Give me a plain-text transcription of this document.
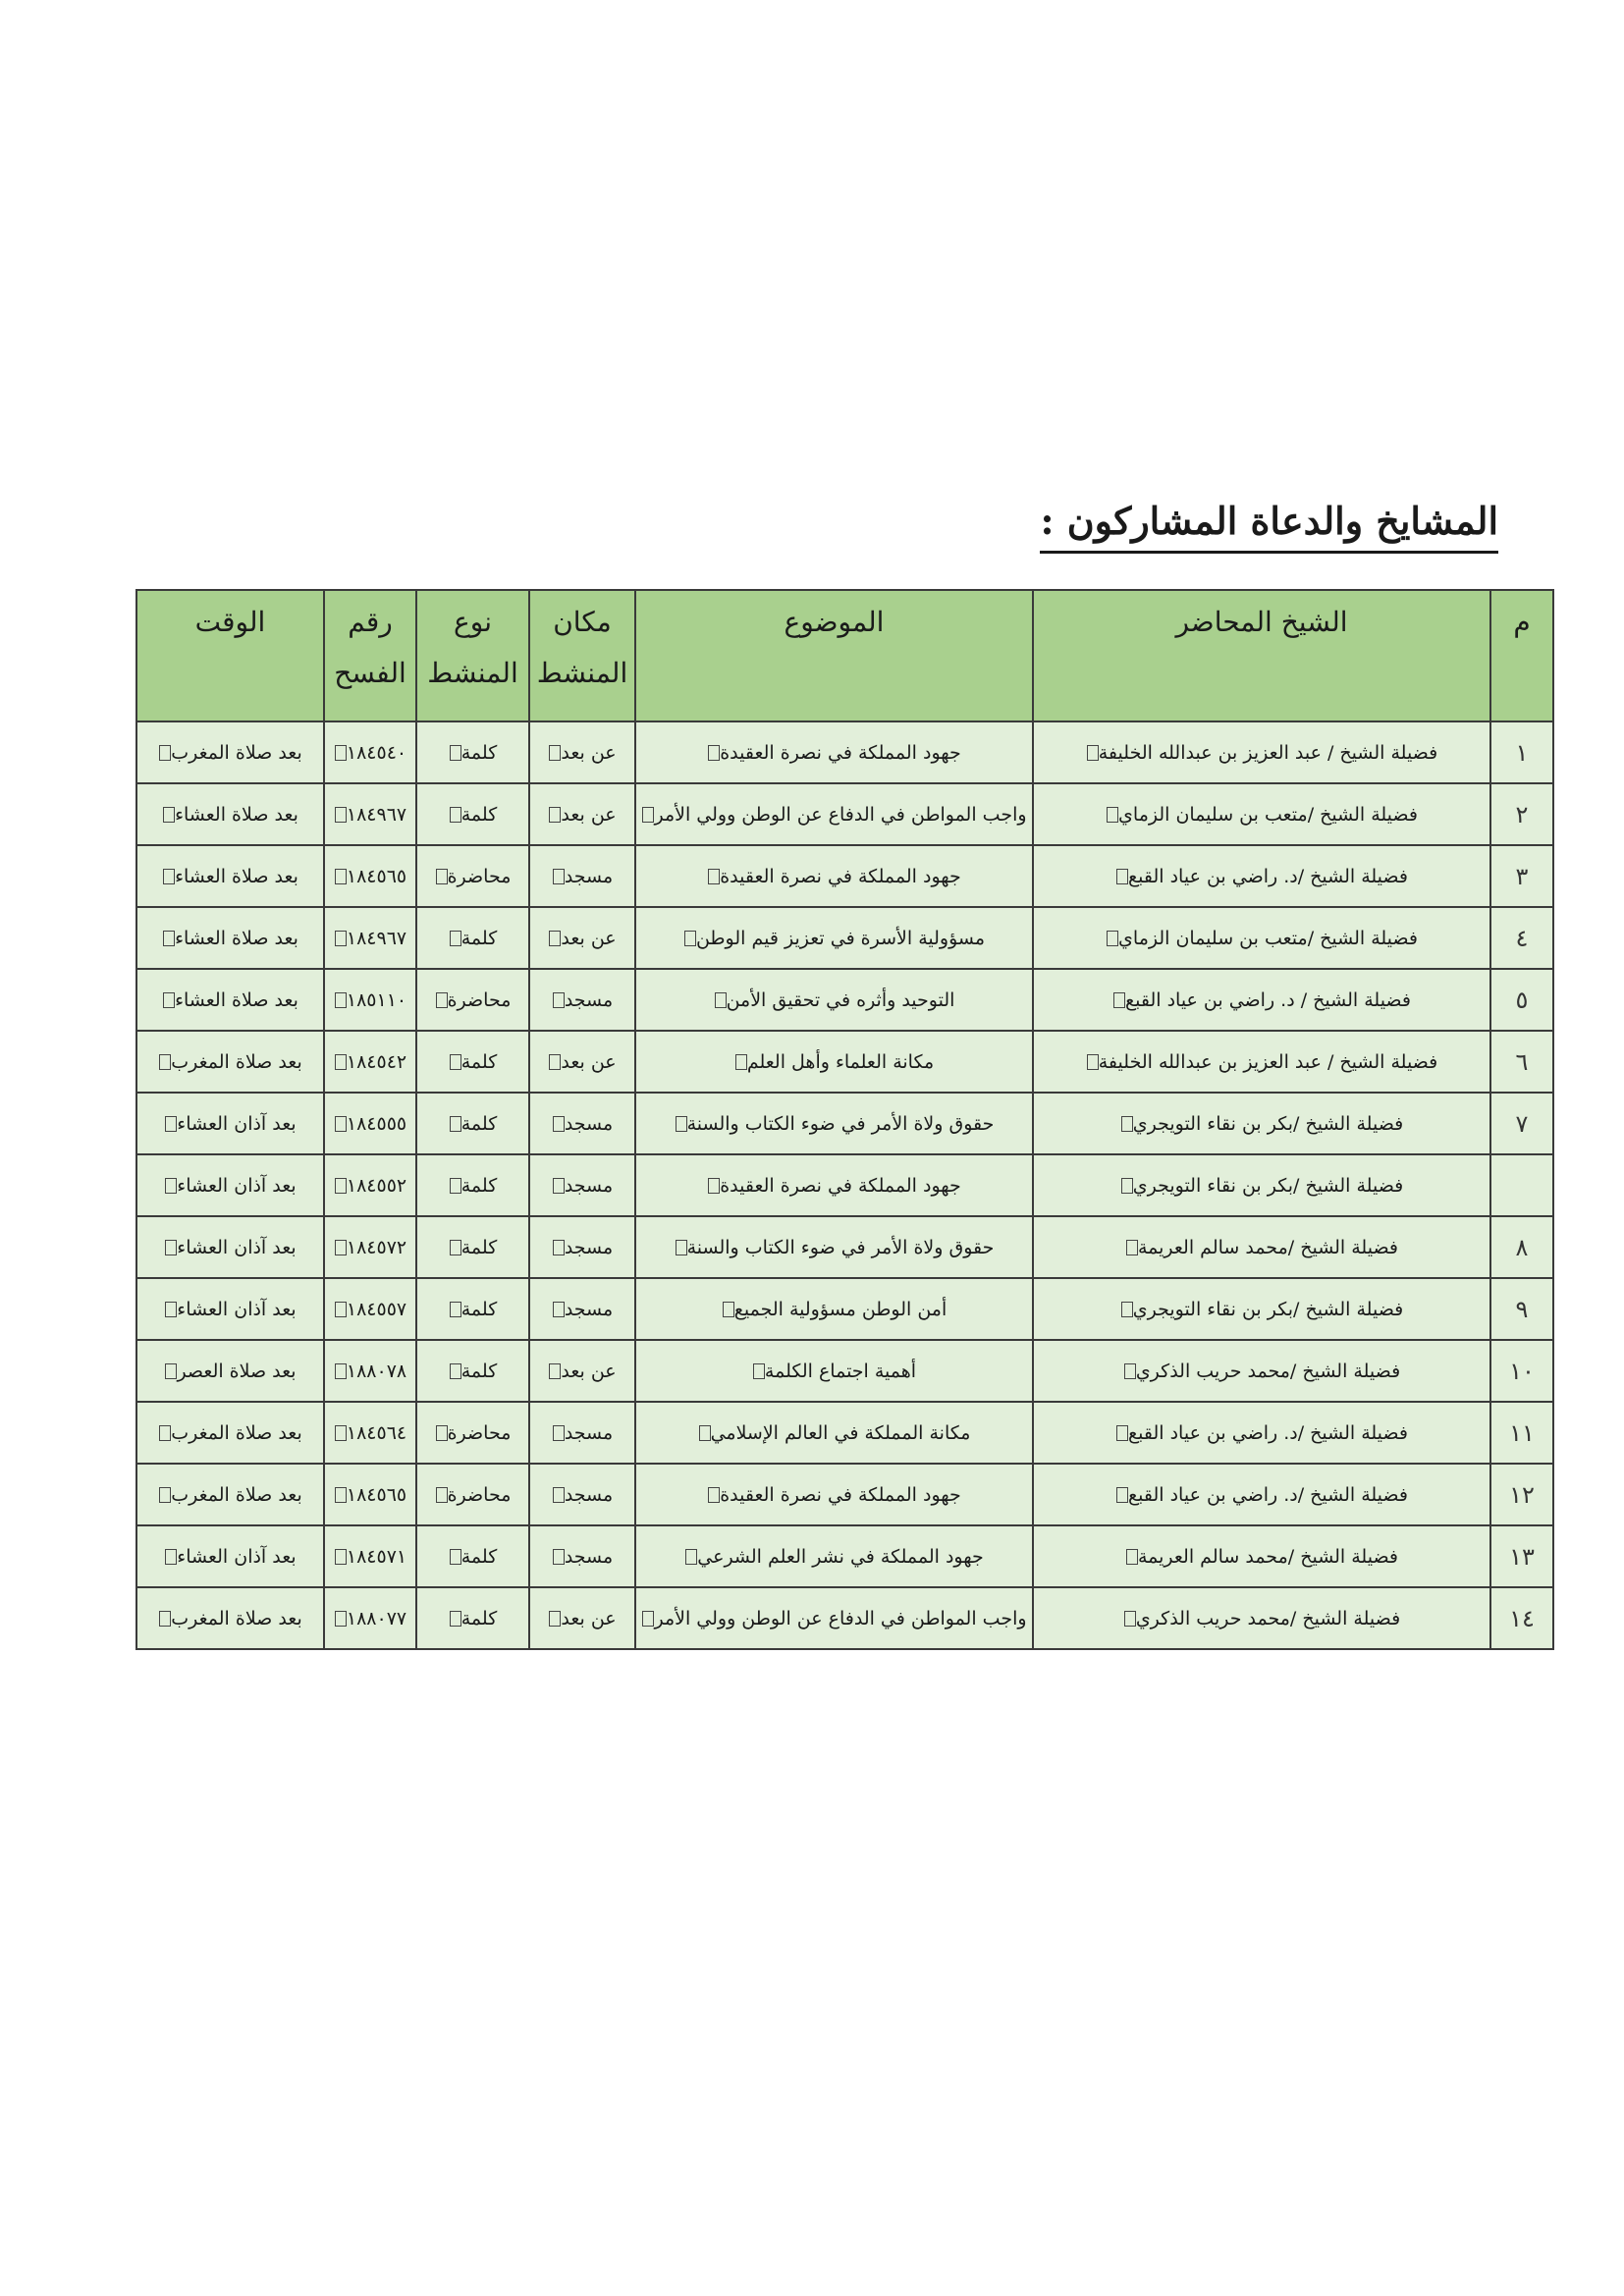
المشايخ والدعاة المشاركون :
م	الشيخ المحاضر	الموضوع	مكان المنشط	نوع المنشط	رقم الفسح	الوقت
١	فضيلة الشيخ / عبد العزيز بن عبدالله الخليفة	جهود المملكة في نصرة العقيدة	عن بعد	كلمة	١٨٤٥٤٠	بعد صلاة المغرب
٢	فضيلة الشيخ /متعب بن سليمان الزماي	واجب المواطن في الدفاع عن الوطن وولي الأمر	عن بعد	كلمة	١٨٤٩٦٧	بعد صلاة العشاء
٣	فضيلة الشيخ /د. راضي بن عياد القبع	جهود المملكة في نصرة العقيدة	مسجد	محاضرة	١٨٤٥٦٥	بعد صلاة العشاء
٤	فضيلة الشيخ /متعب بن سليمان الزماي	مسؤولية الأسرة في تعزيز قيم الوطن	عن بعد	كلمة	١٨٤٩٦٧	بعد صلاة العشاء
٥	فضيلة الشيخ / د. راضي بن عياد القبع	التوحيد وأثره في تحقيق الأمن	مسجد	محاضرة	١٨٥١١٠	بعد صلاة العشاء
٦	فضيلة الشيخ / عبد العزيز بن عبدالله الخليفة	مكانة العلماء وأهل العلم	عن بعد	كلمة	١٨٤٥٤٢	بعد صلاة المغرب
٧	فضيلة الشيخ /بكر بن نقاء التويجري	حقوق ولاة الأمر في ضوء الكتاب والسنة	مسجد	كلمة	١٨٤٥٥٥	بعد آذان العشاء
	فضيلة الشيخ /بكر بن نقاء التويجري	جهود المملكة في نصرة العقيدة	مسجد	كلمة	١٨٤٥٥٢	بعد آذان العشاء
٨	فضيلة الشيخ /محمد سالم العريمة	حقوق ولاة الأمر في ضوء الكتاب والسنة	مسجد	كلمة	١٨٤٥٧٢	بعد آذان العشاء
٩	فضيلة الشيخ /بكر بن نقاء التويجري	أمن الوطن مسؤولية الجميع	مسجد	كلمة	١٨٤٥٥٧	بعد آذان العشاء
١٠	فضيلة الشيخ /محمد حريب الذكري	أهمية اجتماع الكلمة	عن بعد	كلمة	١٨٨٠٧٨	بعد صلاة العصر
١١	فضيلة الشيخ /د. راضي بن عياد القبع	مكانة المملكة في العالم الإسلامي	مسجد	محاضرة	١٨٤٥٦٤	بعد صلاة المغرب
١٢	فضيلة الشيخ /د. راضي بن عياد القبع	جهود المملكة في نصرة العقيدة	مسجد	محاضرة	١٨٤٥٦٥	بعد صلاة المغرب
١٣	فضيلة الشيخ /محمد سالم العريمة	جهود المملكة في نشر العلم الشرعي	مسجد	كلمة	١٨٤٥٧١	بعد آذان العشاء
١٤	فضيلة الشيخ /محمد حريب الذكري	واجب المواطن في الدفاع عن الوطن وولي الأمر	عن بعد	كلمة	١٨٨٠٧٧	بعد صلاة المغرب
